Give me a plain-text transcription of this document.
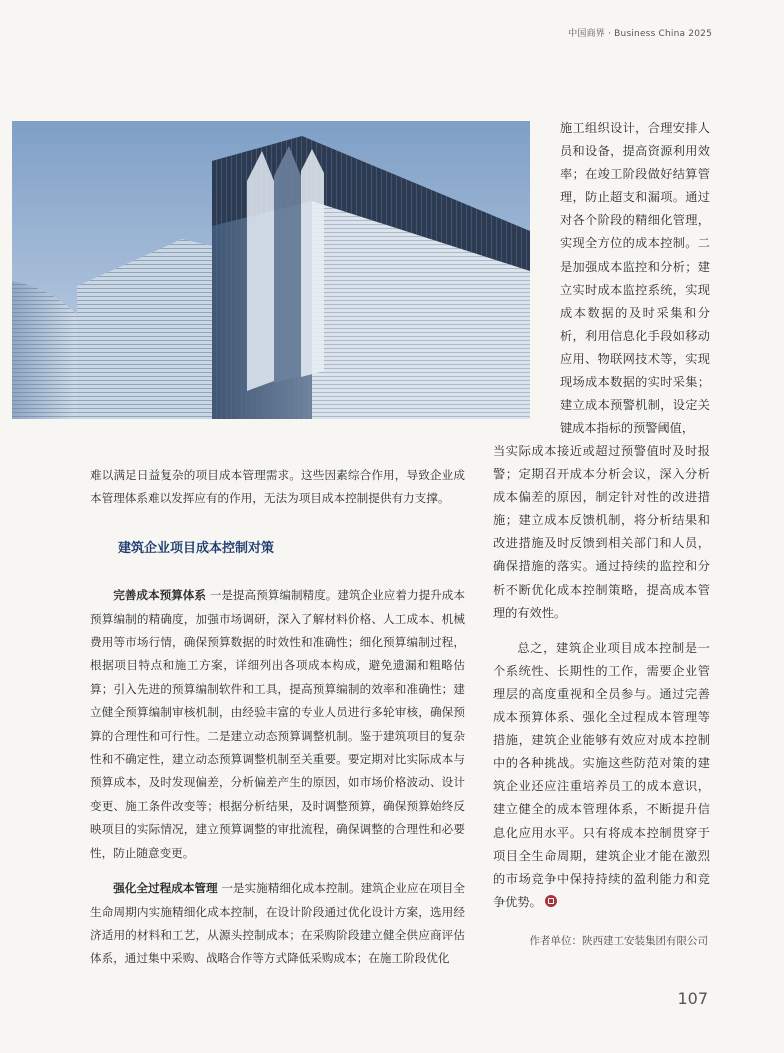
中国商界 · Business China 2025
施工组织设计，合理安排人员和设备，提高资源利用效率；在竣工阶段做好结算管理，防止超支和漏项。通过对各个阶段的精细化管理，实现全方位的成本控制。二是加强成本监控和分析；建立实时成本监控系统，实现成本数据的及时采集和分析，利用信息化手段如移动应用、物联网技术等，实现现场成本数据的实时采集；建立成本预警机制，设定关键成本指标的预警阈值，

当实际成本接近或超过预警值时及时报警；定期召开成本分析会议，深入分析成本偏差的原因，制定针对性的改进措施；建立成本反馈机制，将分析结果和改进措施及时反馈到相关部门和人员，确保措施的落实。通过持续的监控和分析不断优化成本控制策略，提高成本管理的有效性。

总之，建筑企业项目成本控制是一个系统性、长期性的工作，需要企业管理层的高度重视和全员参与。通过完善成本预算体系、强化全过程成本管理等措施，建筑企业能够有效应对成本控制中的各种挑战。实施这些防范对策的建筑企业还应注重培养员工的成本意识，建立健全的成本管理体系，不断提升信息化应用水平。只有将成本控制贯穿于项目全生命周期，建筑企业才能在激烈的市场竞争中保持持续的盈利能力和竞争优势。

难以满足日益复杂的项目成本管理需求。这些因素综合作用，导致企业成本管理体系难以发挥应有的作用，无法为项目成本控制提供有力支撑。

建筑企业项目成本控制对策

完善成本预算体系 一是提高预算编制精度。建筑企业应着力提升成本预算编制的精确度，加强市场调研，深入了解材料价格、人工成本、机械费用等市场行情，确保预算数据的时效性和准确性；细化预算编制过程，根据项目特点和施工方案，详细列出各项成本构成，避免遗漏和粗略估算；引入先进的预算编制软件和工具，提高预算编制的效率和准确性；建立健全预算编制审核机制，由经验丰富的专业人员进行多轮审核，确保预算的合理性和可行性。二是建立动态预算调整机制。鉴于建筑项目的复杂性和不确定性，建立动态预算调整机制至关重要。要定期对比实际成本与预算成本，及时发现偏差，分析偏差产生的原因，如市场价格波动、设计变更、施工条件改变等；根据分析结果，及时调整预算，确保预算始终反映项目的实际情况，建立预算调整的审批流程，确保调整的合理性和必要性，防止随意变更。

强化全过程成本管理 一是实施精细化成本控制。建筑企业应在项目全生命周期内实施精细化成本控制，在设计阶段通过优化设计方案，选用经济适用的材料和工艺，从源头控制成本；在采购阶段建立健全供应商评估体系，通过集中采购、战略合作等方式降低采购成本；在施工阶段优化

作者单位：陕西建工安装集团有限公司
107
